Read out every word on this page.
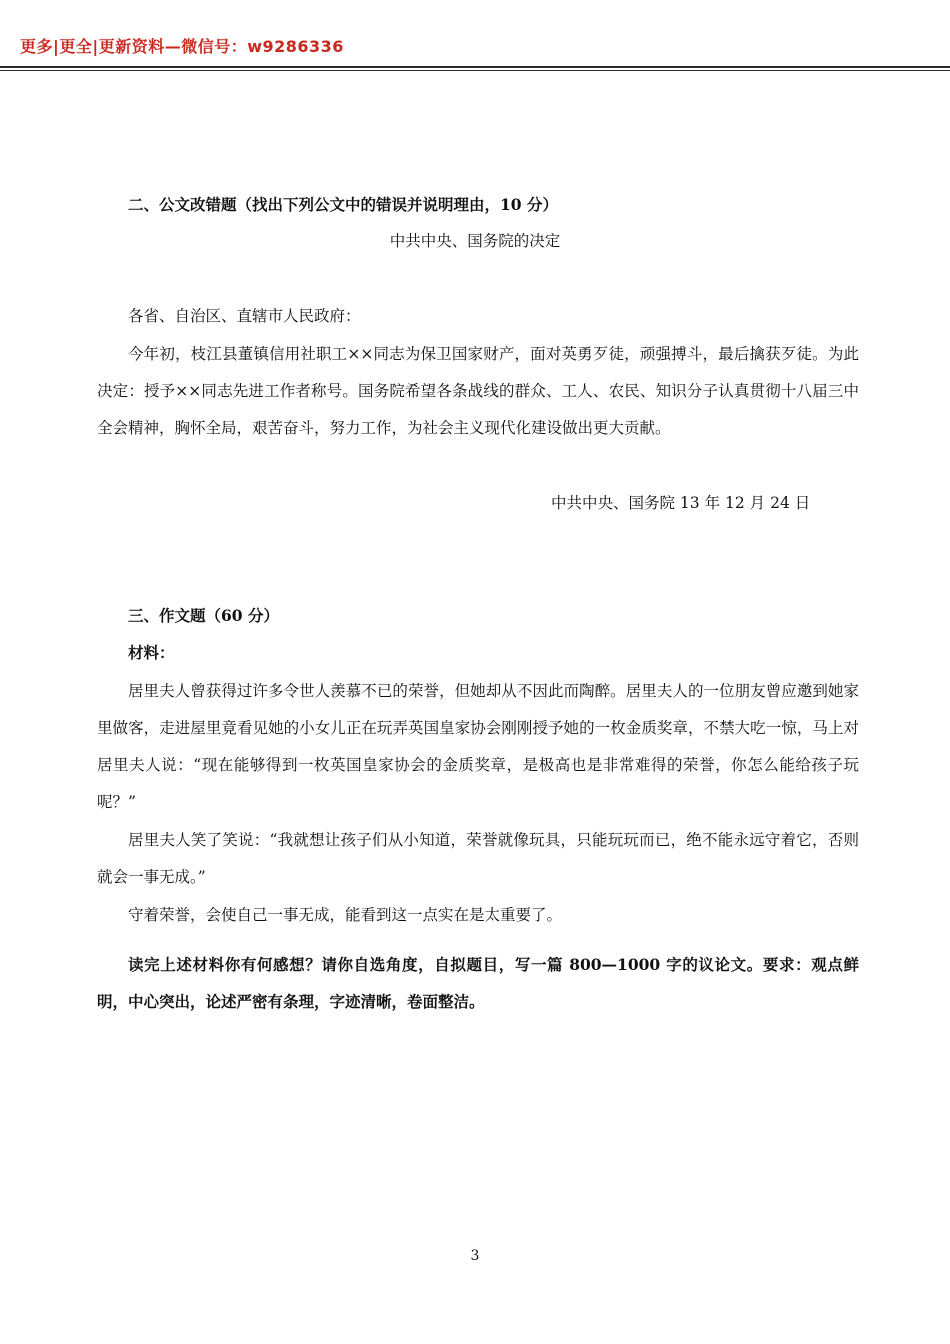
更多|更全|更新资料—微信号：w9286336
二、公文改错题（找出下列公文中的错误并说明理由，10 分）
中共中央、国务院的决定
各省、自治区、直辖市人民政府：
今年初，枝江县董镇信用社职工××同志为保卫国家财产，面对英勇歹徒，顽强搏斗，最后擒获歹徒。为此决定：授予××同志先进工作者称号。国务院希望各条战线的群众、工人、农民、知识分子认真贯彻十八届三中全会精神，胸怀全局，艰苦奋斗，努力工作，为社会主义现代化建设做出更大贡献。
中共中央、国务院 13 年 12 月 24 日
三、作文题（60 分）
材料：
居里夫人曾获得过许多令世人羡慕不已的荣誉，但她却从不因此而陶醉。居里夫人的一位朋友曾应邀到她家里做客，走进屋里竟看见她的小女儿正在玩弄英国皇家协会刚刚授予她的一枚金质奖章，不禁大吃一惊，马上对居里夫人说：“现在能够得到一枚英国皇家协会的金质奖章，是极高也是非常难得的荣誉，你怎么能给孩子玩呢？”
居里夫人笑了笑说：“我就想让孩子们从小知道，荣誉就像玩具，只能玩玩而已，绝不能永远守着它，否则就会一事无成。”
守着荣誉，会使自己一事无成，能看到这一点实在是太重要了。
读完上述材料你有何感想？请你自选角度，自拟题目，写一篇 800—1000 字的议论文。要求：观点鲜明，中心突出，论述严密有条理，字迹清晰，卷面整洁。
3
